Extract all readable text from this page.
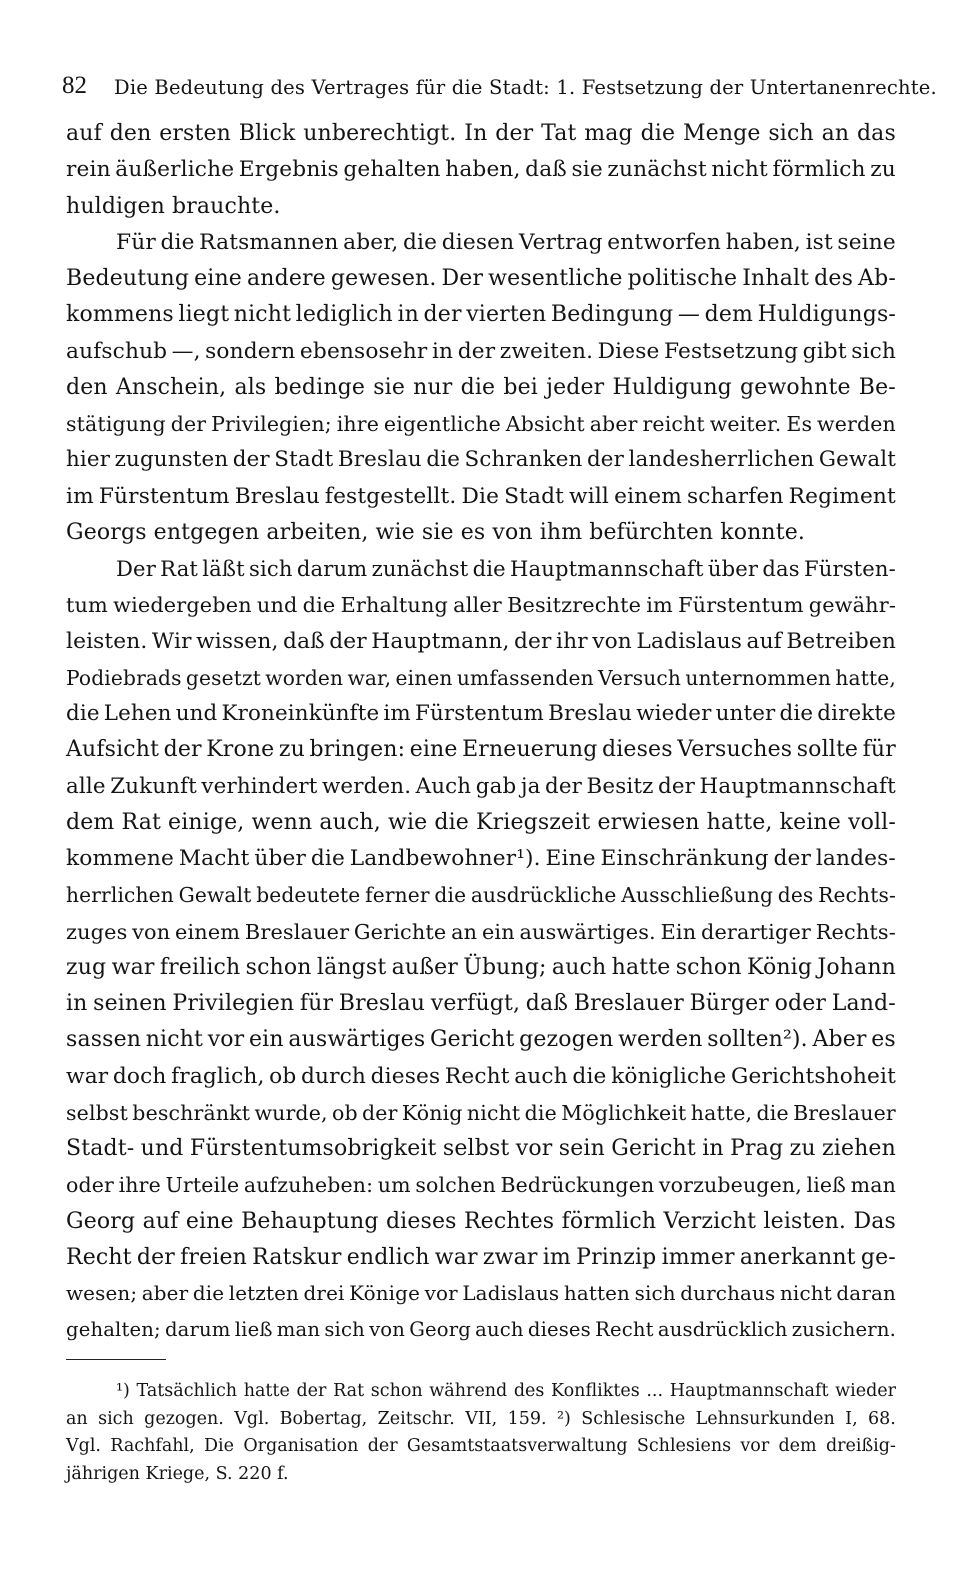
82 Die Bedeutung des Vertrages für die Stadt: 1. Festsetzung der Untertanenrechte.
auf den ersten Blick unberechtigt. In der Tat mag die Menge sich an das
rein äußerliche Ergebnis gehalten haben, daß sie zunächst nicht förmlich zu
huldigen brauchte.
Für die Ratsmannen aber, die diesen Vertrag entworfen haben, ist seine
Bedeutung eine andere gewesen. Der wesentliche politische Inhalt des Ab-
kommens liegt nicht lediglich in der vierten Bedingung — dem Huldigungs-
aufschub —, sondern ebensosehr in der zweiten. Diese Festsetzung gibt sich
den Anschein, als bedinge sie nur die bei jeder Huldigung gewohnte Be-
stätigung der Privilegien; ihre eigentliche Absicht aber reicht weiter. Es werden
hier zugunsten der Stadt Breslau die Schranken der landesherrlichen Gewalt
im Fürstentum Breslau festgestellt. Die Stadt will einem scharfen Regiment
Georgs entgegen arbeiten, wie sie es von ihm befürchten konnte.
Der Rat läßt sich darum zunächst die Hauptmannschaft über das Fürsten-
tum wiedergeben und die Erhaltung aller Besitzrechte im Fürstentum gewähr-
leisten. Wir wissen, daß der Hauptmann, der ihr von Ladislaus auf Betreiben
Podiebrads gesetzt worden war, einen umfassenden Versuch unternommen hatte,
die Lehen und Kroneinkünfte im Fürstentum Breslau wieder unter die direkte
Aufsicht der Krone zu bringen: eine Erneuerung dieses Versuches sollte für
alle Zukunft verhindert werden. Auch gab ja der Besitz der Hauptmannschaft
dem Rat einige, wenn auch, wie die Kriegszeit erwiesen hatte, keine voll-
kommene Macht über die Landbewohner¹). Eine Einschränkung der landes-
herrlichen Gewalt bedeutete ferner die ausdrückliche Ausschließung des Rechts-
zuges von einem Breslauer Gerichte an ein auswärtiges. Ein derartiger Rechts-
zug war freilich schon längst außer Übung; auch hatte schon König Johann
in seinen Privilegien für Breslau verfügt, daß Breslauer Bürger oder Land-
sassen nicht vor ein auswärtiges Gericht gezogen werden sollten²). Aber es
war doch fraglich, ob durch dieses Recht auch die königliche Gerichtshoheit
selbst beschränkt wurde, ob der König nicht die Möglichkeit hatte, die Breslauer
Stadt- und Fürstentumsobrigkeit selbst vor sein Gericht in Prag zu ziehen
oder ihre Urteile aufzuheben: um solchen Bedrückungen vorzubeugen, ließ man
Georg auf eine Behauptung dieses Rechtes förmlich Verzicht leisten. Das
Recht der freien Ratskur endlich war zwar im Prinzip immer anerkannt ge-
wesen; aber die letzten drei Könige vor Ladislaus hatten sich durchaus nicht daran
gehalten; darum ließ man sich von Georg auch dieses Recht ausdrücklich zusichern.
¹) Tatsächlich hatte der Rat schon während des Konfliktes ... Hauptmannschaft wieder
an sich gezogen. Vgl. Bobertag, Zeitschr. VII, 159. ²) Schlesische Lehnsurkunden I, 68.
Vgl. Rachfahl, Die Organisation der Gesamtstaatsverwaltung Schlesiens vor dem dreißig-
jährigen Kriege, S. 220 f.
